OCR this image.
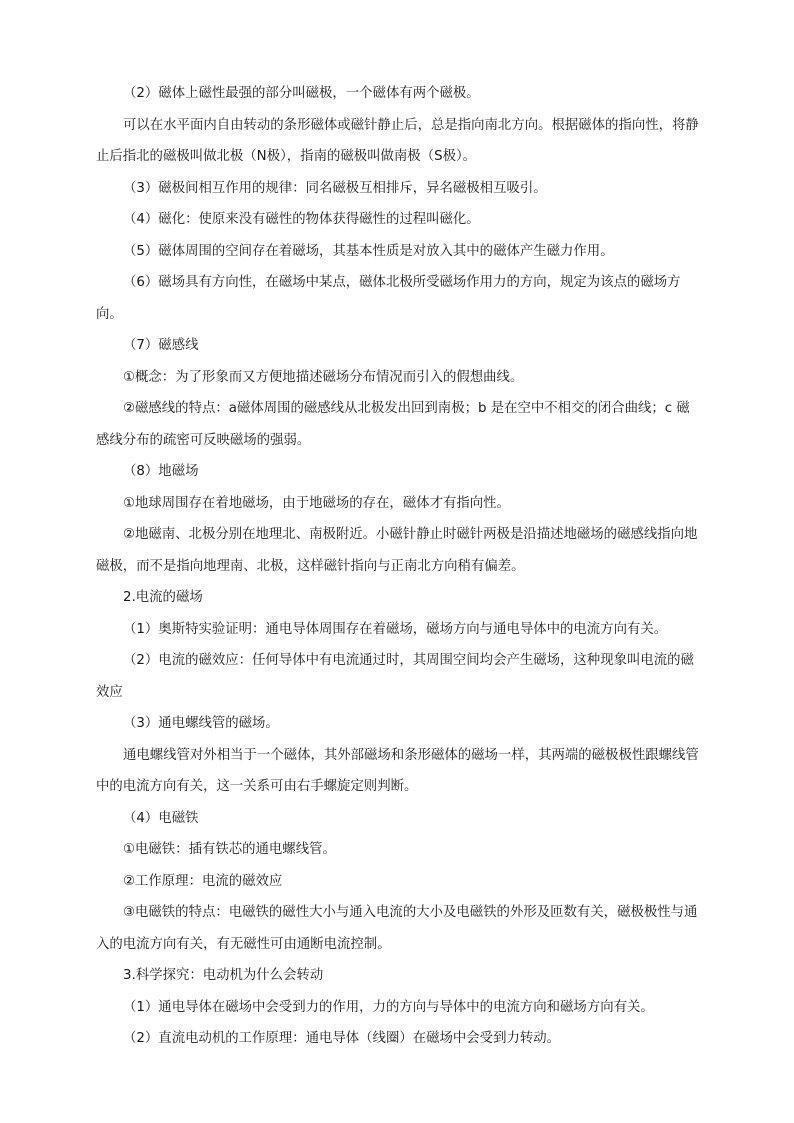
（2）磁体上磁性最强的部分叫磁极，一个磁体有两个磁极。

可以在水平面内自由转动的条形磁体或磁针静止后，总是指向南北方向。根据磁体的指向性，将静止后指北的磁极叫做北极（N极），指南的磁极叫做南极（S极）。

（3）磁极间相互作用的规律：同名磁极互相排斥，异名磁极相互吸引。

（4）磁化：使原来没有磁性的物体获得磁性的过程叫磁化。

（5）磁体周围的空间存在着磁场，其基本性质是对放入其中的磁体产生磁力作用。

（6）磁场具有方向性，在磁场中某点，磁体北极所受磁场作用力的方向，规定为该点的磁场方向。

（7）磁感线

①概念：为了形象而又方便地描述磁场分布情况而引入的假想曲线。

②磁感线的特点：a磁体周围的磁感线从北极发出回到南极；b 是在空中不相交的闭合曲线；c 磁感线分布的疏密可反映磁场的强弱。

（8）地磁场

①地球周围存在着地磁场，由于地磁场的存在，磁体才有指向性。

②地磁南、北极分别在地理北、南极附近。小磁针静止时磁针两极是沿描述地磁场的磁感线指向地磁极，而不是指向地理南、北极，这样磁针指向与正南北方向稍有偏差。

2.电流的磁场

（1）奥斯特实验证明：通电导体周围存在着磁场，磁场方向与通电导体中的电流方向有关。

（2）电流的磁效应：任何导体中有电流通过时，其周围空间均会产生磁场，这种现象叫电流的磁效应

（3）通电螺线管的磁场。

通电螺线管对外相当于一个磁体，其外部磁场和条形磁体的磁场一样，其两端的磁极极性跟螺线管中的电流方向有关，这一关系可由右手螺旋定则判断。

（4）电磁铁

①电磁铁：插有铁芯的通电螺线管。

②工作原理：电流的磁效应

③电磁铁的特点：电磁铁的磁性大小与通入电流的大小及电磁铁的外形及匝数有关，磁极极性与通入的电流方向有关，有无磁性可由通断电流控制。

3.科学探究：电动机为什么会转动

（1）通电导体在磁场中会受到力的作用，力的方向与导体中的电流方向和磁场方向有关。

（2）直流电动机的工作原理：通电导体（线圈）在磁场中会受到力转动。
